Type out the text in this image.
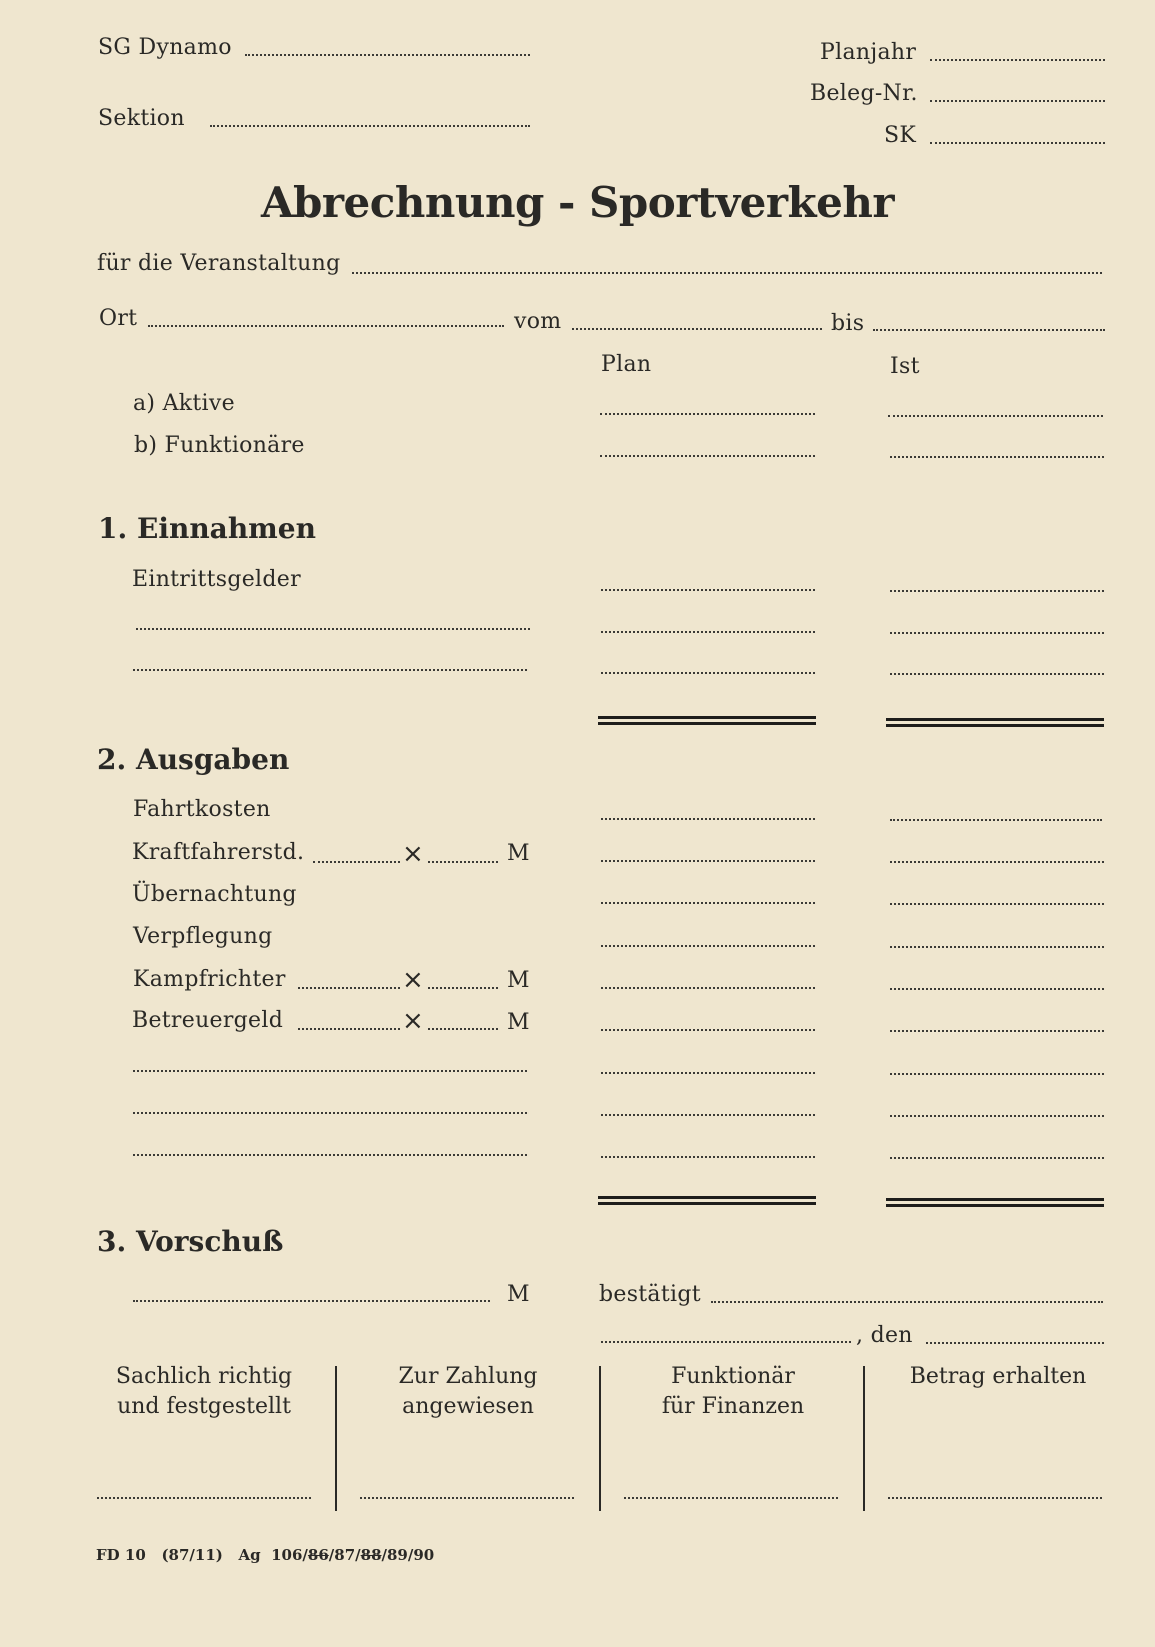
SG Dynamo
Sektion
Planjahr
Beleg-Nr.
SK
Abrechnung - Sportverkehr
für die Veranstaltung
Ort	vom	bis
Plan	Ist
a) Aktive
b) Funktionäre
1. Einnahmen
Eintrittsgelder
2. Ausgaben
Fahrtkosten
Kraftfahrerstd.	×	M
Übernachtung
Verpflegung
Kampfrichter	×	M
Betreuergeld	×	M
3. Vorschuß
M	bestätigt
, den
Sachlich richtig
und festgestellt
Zur Zahlung
angewiesen
Funktionär
für Finanzen
Betrag erhalten
FD 10 (87/11) Ag 106/86/87/88/89/90
